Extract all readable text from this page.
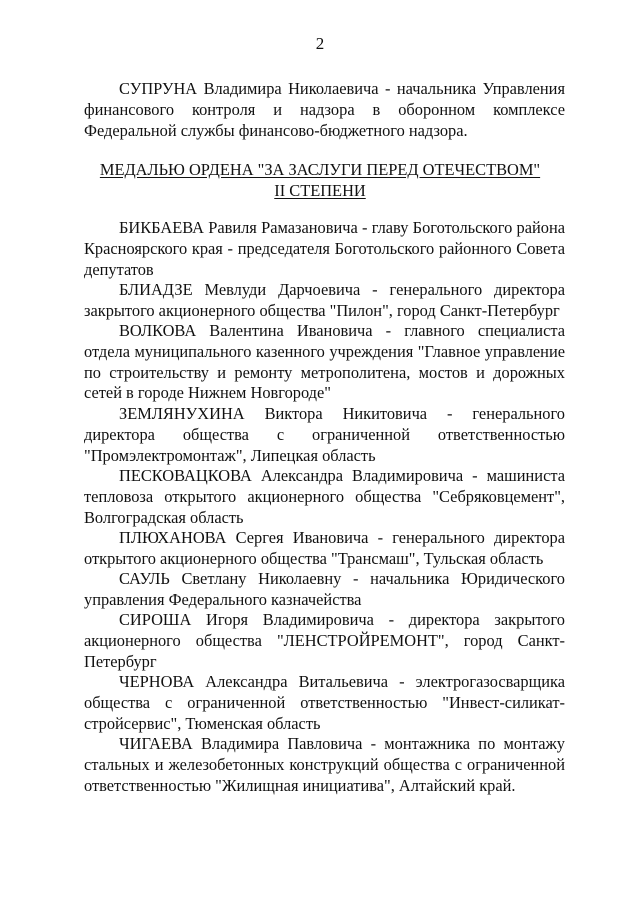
2

СУПРУНА Владимира Николаевича - начальника Управления финансового контроля и надзора в оборонном комплексе Федеральной службы финансово-бюджетного надзора.

МЕДАЛЬЮ ОРДЕНА "ЗА ЗАСЛУГИ ПЕРЕД ОТЕЧЕСТВОМ"
II СТЕПЕНИ

БИКБАЕВА Равиля Рамазановича - главу Боготольского района Красноярского края - председателя Боготольского районного Совета депутатов

БЛИАДЗЕ Мевлуди Дарчоевича - генерального директора закрытого акционерного общества "Пилон", город Санкт-Петербург

ВОЛКОВА Валентина Ивановича - главного специалиста отдела муниципального казенного учреждения "Главное управление по строительству и ремонту метрополитена, мостов и дорожных сетей в городе Нижнем Новгороде"

ЗЕМЛЯНУХИНА Виктора Никитовича - генерального директора общества с ограниченной ответственностью "Промэлектромонтаж", Липецкая область

ПЕСКОВАЦКОВА Александра Владимировича - машиниста тепловоза открытого акционерного общества "Себряковцемент", Волгоградская область

ПЛЮХАНОВА Сергея Ивановича - генерального директора открытого акционерного общества "Трансмаш", Тульская область

САУЛЬ Светлану Николаевну - начальника Юридического управления Федерального казначейства

СИРОША Игоря Владимировича - директора закрытого акционерного общества "ЛЕНСТРОЙРЕМОНТ", город Санкт-Петербург

ЧЕРНОВА Александра Витальевича - электрогазосварщика общества с ограниченной ответственностью "Инвест-силикат-стройсервис", Тюменская область

ЧИГАЕВА Владимира Павловича - монтажника по монтажу стальных и железобетонных конструкций общества с ограниченной ответственностью "Жилищная инициатива", Алтайский край.
